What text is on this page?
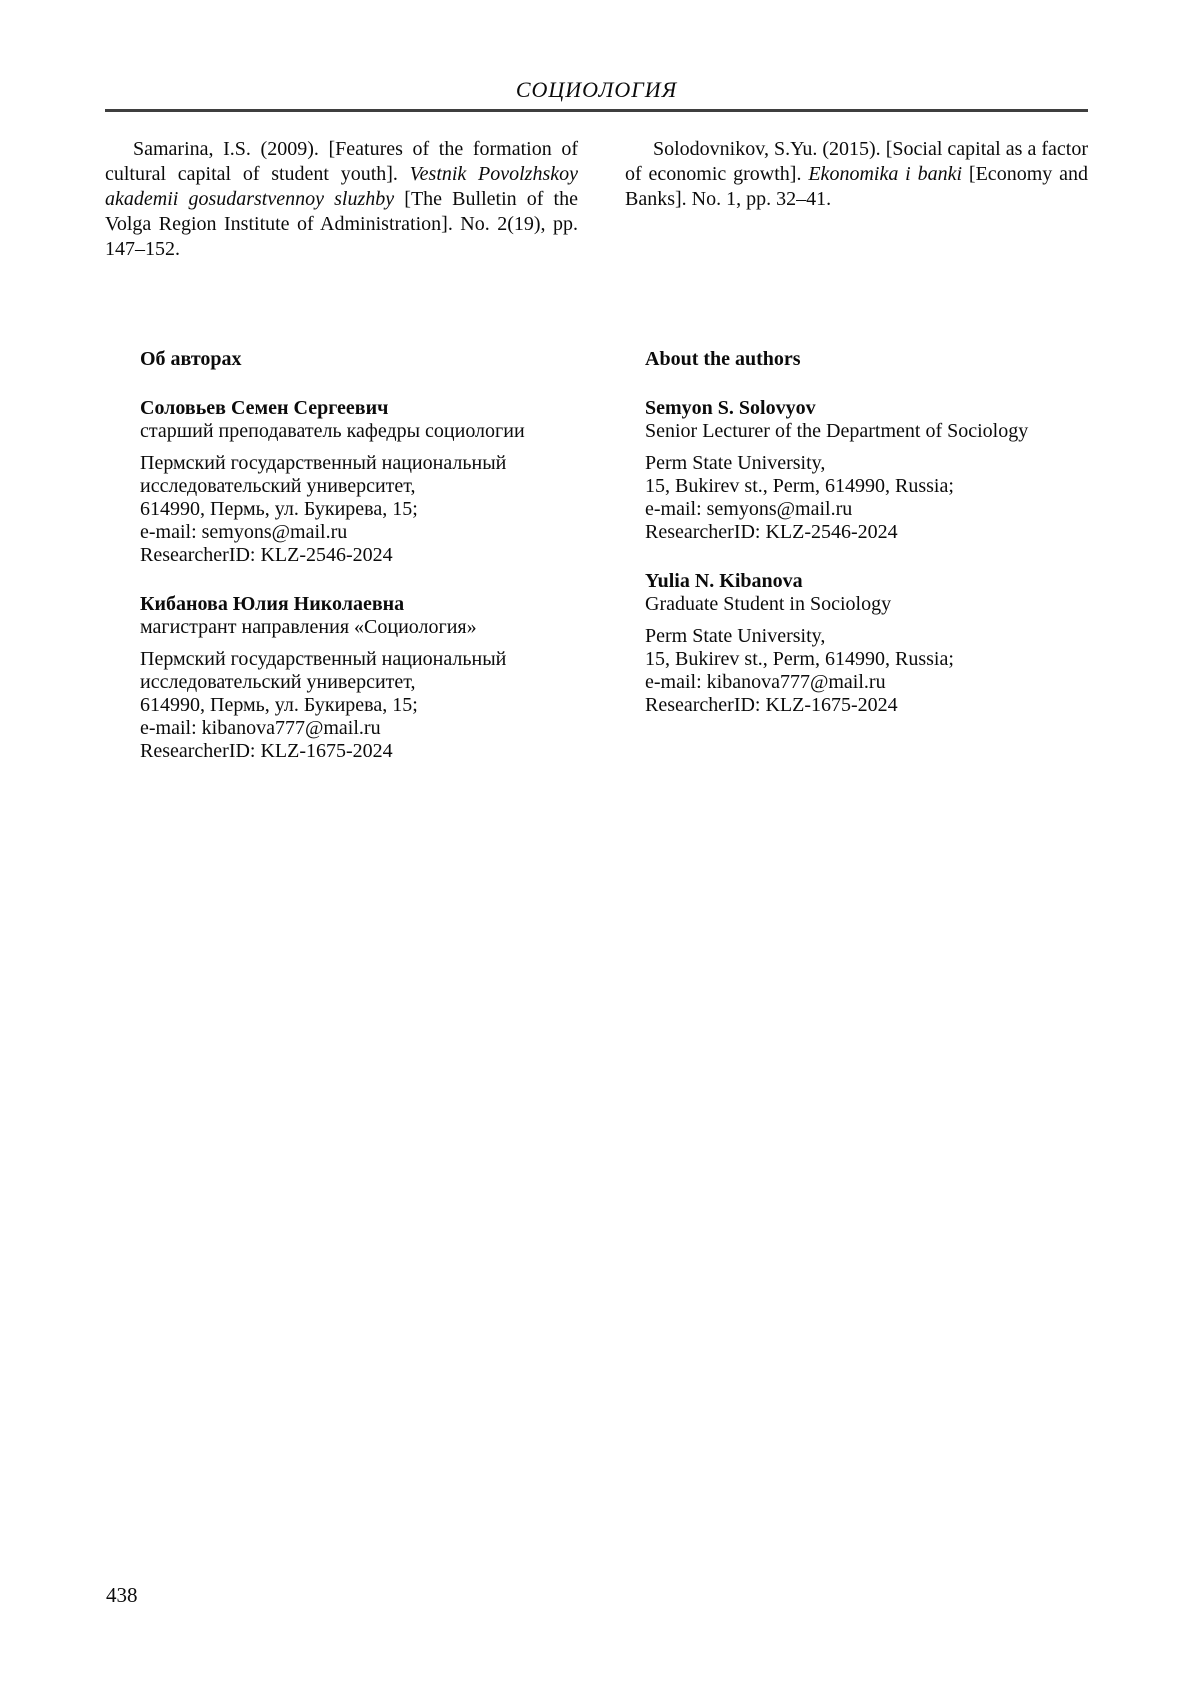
СОЦИОЛОГИЯ

Samarina, I.S. (2009). [Features of the formation of cultural capital of student youth]. Vestnik Povolzhskoy akademii gosudarstvennoy sluzhby [The Bulletin of the Volga Region Institute of Administration]. No. 2(19), pp. 147–152.

Solodovnikov, S.Yu. (2015). [Social capital as a factor of economic growth]. Ekonomika i banki [Economy and Banks]. No. 1, pp. 32–41.

Об авторах

Соловьев Семен Сергеевич

старший преподаватель кафедры социологии

Пермский государственный национальный
исследовательский университет,
614990, Пермь, ул. Букирева, 15;
e-mail: semyons@mail.ru
ResearcherID: KLZ-2546-2024

Кибанова Юлия Николаевна

магистрант направления «Социология»

Пермский государственный национальный
исследовательский университет,
614990, Пермь, ул. Букирева, 15;
e-mail: kibanova777@mail.ru
ResearcherID: KLZ-1675-2024

About the authors

Semyon S. Solovyov

Senior Lecturer of the Department of Sociology

Perm State University,
15, Bukirev st., Perm, 614990, Russia;
e-mail: semyons@mail.ru
ResearcherID: KLZ-2546-2024

Yulia N. Kibanova

Graduate Student in Sociology

Perm State University,
15, Bukirev st., Perm, 614990, Russia;
e-mail: kibanova777@mail.ru
ResearcherID: KLZ-1675-2024

438
